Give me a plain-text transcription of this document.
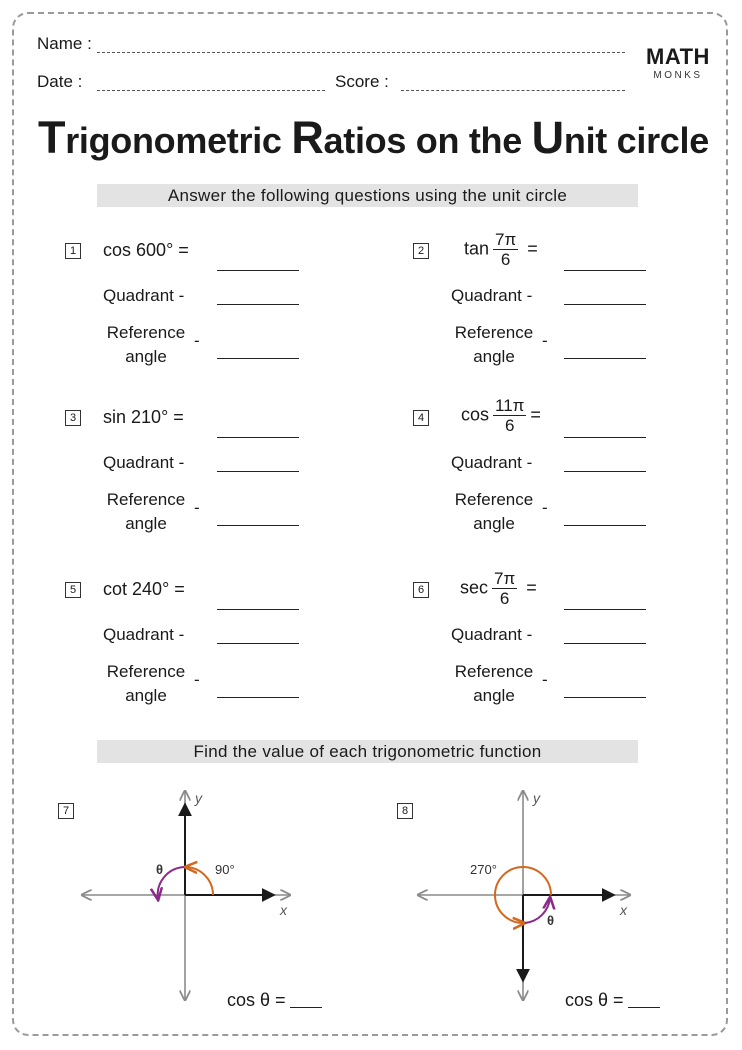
Name :
Date :	Score :
MATH
MONKS
Trigonometric Ratios on the Unit circle
Answer the following questions using the unit circle
1 cos 600° =
Quadrant -
Reference
angle
-
2 $\tan \frac{7\pi}{6}$ =
Quadrant -
Reference
angle
-
3 sin 210° =
Quadrant -
Reference
angle
-
4 $\cos \frac{11\pi}{6}$ =
Quadrant -
Reference
angle
-
5 cot 240° =
Quadrant -
Reference
angle
-
6 $\sec \frac{7\pi}{6}$ =
Quadrant -
Reference
angle
-
Find the value of each trigonometric function
7
90°
θ
x
y
cos θ =
8
270°
θ
x
y
cos θ =
